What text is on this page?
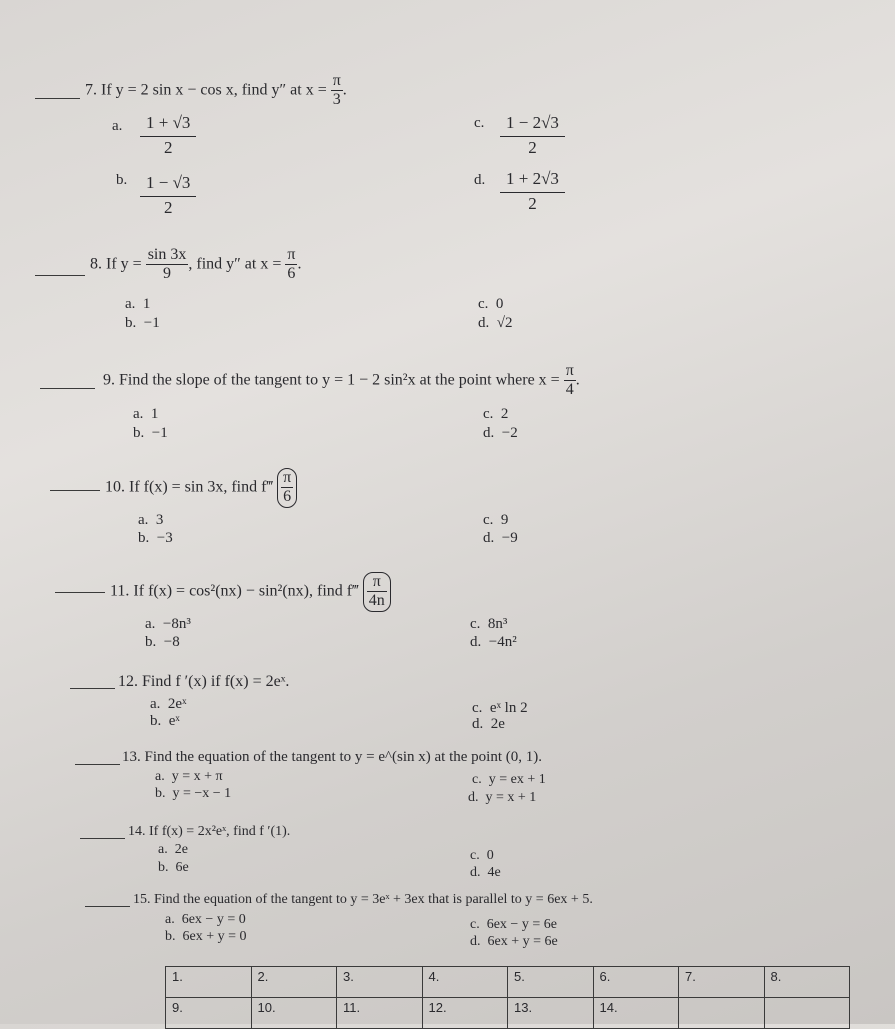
7. If y = 2 sin x − cos x, find y″ at $x = \frac{\pi}{3}$ .
a. $\frac{1 + √3}{2}$
b. $\frac{1 - √3}{2}$
c. $\frac{1 - 2√3}{2}$
d. $\frac{1 + 2√3}{2}$
8. If $y = \frac{\sin 3x}{9}$ , find y″ at $x = \frac{\pi}{6}$ .
a. 1
b. −1
c. 0
d. √2
9. Find the slope of the tangent to y = 1 − 2 sin²x at the point where $x = \frac{\pi}{4}$ .
a. 1
b. −1
c. 2
d. −2
10. If f(x) = sin 3x, find f‴ $\frac{\pi}{6}$
a. 3
b. −3
c. 9
d. −9
11. If f(x) = cos²(nx) − sin²(nx), find f‴ $\frac{\pi}{4n}$
a. −8n³
b. −8
c. 8n³
d. −4n²
12. Find f ′(x) if f(x) = 2eˣ.
a. 2eˣ
b. eˣ
c. eˣ ln 2
d. 2e
13. Find the equation of the tangent to y = e^(sin x) at the point (0, 1).
a. y = x + π
b. y = −x − 1
c. y = ex + 1
d. y = x + 1
14. If f(x) = 2x²eˣ, find f ′(1).
a. 2e
b. 6e
c. 0
d. 4e
15. Find the equation of the tangent to y = 3eˣ + 3ex that is parallel to y = 6ex + 5.
a. 6ex − y = 0
b. 6ex + y = 0
c. 6ex − y = 6e
d. 6ex + y = 6e
1.	2.	3.	4.	5.	6.	7.	8.
9.	10.	11.	12.	13.	14.		
